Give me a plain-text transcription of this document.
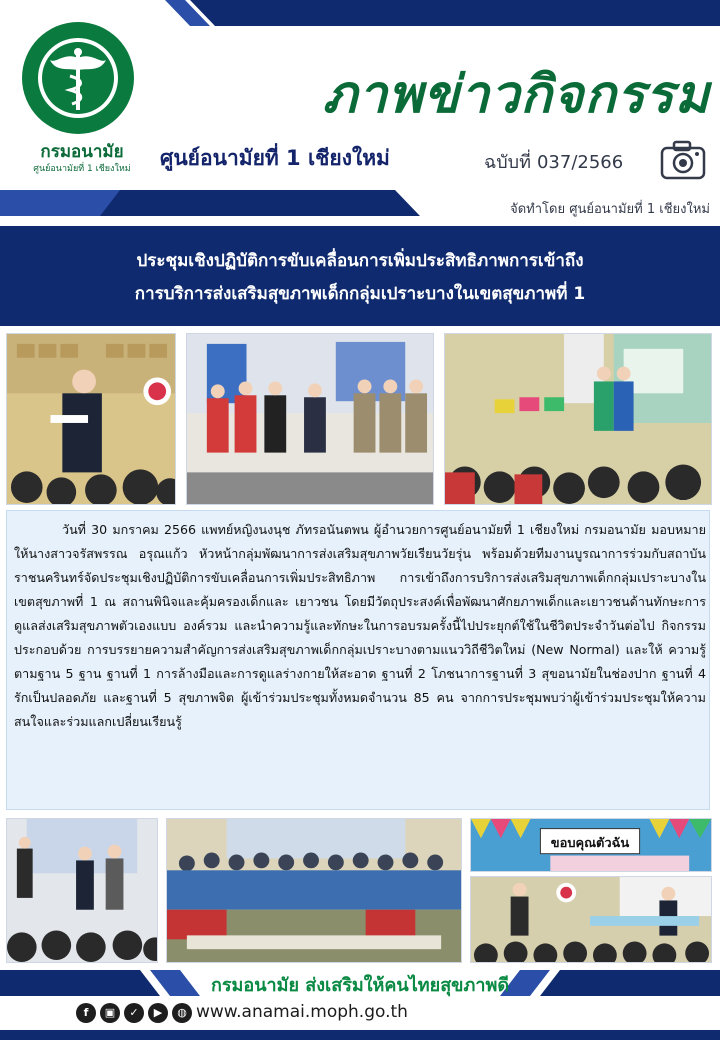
กรมอนามัย
ศูนย์อนามัยที่ 1 เชียงใหม่
ภาพข่าวกิจกรรม
ศูนย์อนามัยที่ 1 เชียงใหม่	ฉบับที่ 037/2566
จัดทำโดย ศูนย์อนามัยที่ 1 เชียงใหม่
ประชุมเชิงปฏิบัติการขับเคลื่อนการเพิ่มประสิทธิภาพการเข้าถึง
การบริการส่งเสริมสุขภาพเด็กกลุ่มเปราะบางในเขตสุขภาพที่ 1

วันที่ 30 มกราคม 2566 แพทย์หญิงนงนุช ภัทรอนันตพน ผู้อำนวยการศูนย์อนามัยที่ 1 เชียงใหม่ กรมอนามัย มอบหมายให้นางสาวจรัสพรรณ อรุณแก้ว หัวหน้ากลุ่มพัฒนาการส่งเสริมสุขภาพวัยเรียนวัยรุ่น พร้อมด้วยทีมงานบูรณาการร่วมกับสถาบันราชนครินทร์จัดประชุมเชิงปฏิบัติการขับเคลื่อนการเพิ่มประสิทธิภาพ การเข้าถึงการบริการส่งเสริมสุขภาพเด็กกลุ่มเปราะบางในเขตสุขภาพที่ 1 ณ สถานพินิจและคุ้มครองเด็กและ เยาวชน โดยมีวัตถุประสงค์เพื่อพัฒนาศักยภาพเด็กและเยาวชนด้านทักษะการดูแลส่งเสริมสุขภาพตัวเองแบบ องค์รวม และนำความรู้และทักษะในการอบรมครั้งนี้ไปประยุกต์ใช้ในชีวิตประจำวันต่อไป กิจกรรมประกอบด้วย การบรรยายความสำคัญการส่งเสริมสุขภาพเด็กกลุ่มเปราะบางตามแนววิถีชีวิตใหม่ (New Normal) และให้ ความรู้ตามฐาน 5 ฐาน ฐานที่ 1 การล้างมือและการดูแลร่างกายให้สะอาด ฐานที่ 2 โภชนาการฐานที่ 3 สุขอนามัยในช่องปาก ฐานที่ 4 รักเป็นปลอดภัย และฐานที่ 5 สุขภาพจิต ผู้เข้าร่วมประชุมทั้งหมดจำนวน 85 คน จากการประชุมพบว่าผู้เข้าร่วมประชุมให้ความสนใจและร่วมแลกเปลี่ยนเรียนรู้

ขอบคุณตัวฉัน
กรมอนามัย ส่งเสริมให้คนไทยสุขภาพดี
f	▣	✓	▶	◍ www.anamai.moph.go.th
